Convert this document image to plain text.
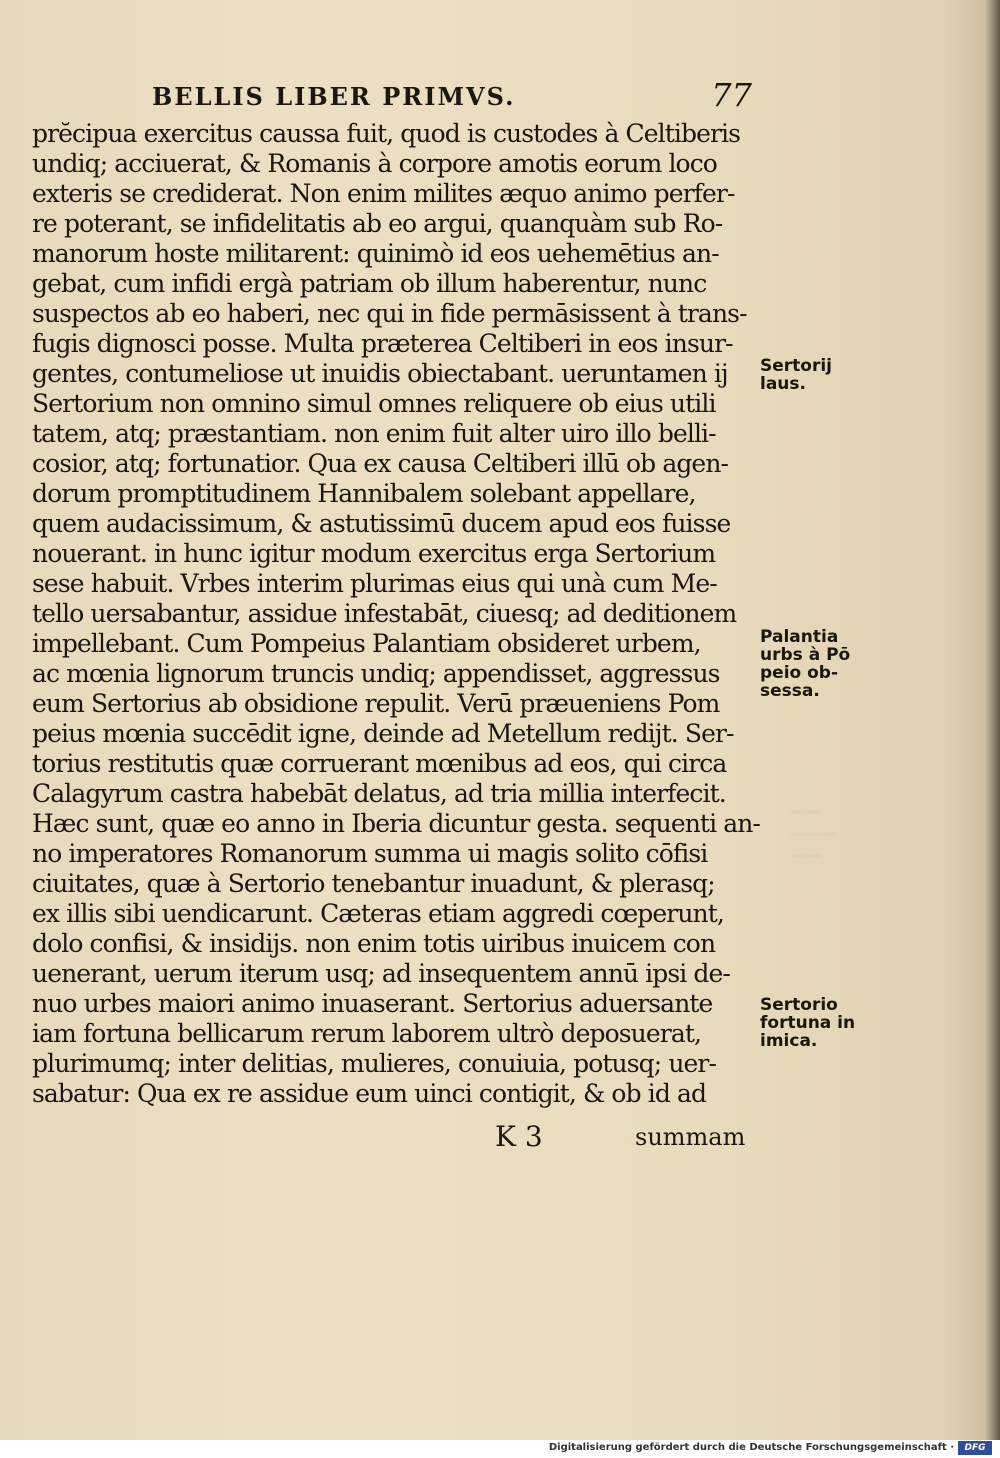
BELLIS LIBER PRIMVS.	77

prĕcipua exercitus caussa fuit, quod is custodes à Celtiberis

undiq; acciuerat, & Romanis à corpore amotis eorum loco

exteris se crediderat. Non enim milites æquo animo perfer-

re poterant, se infidelitatis ab eo argui, quanquàm sub Ro-

manorum hoste militarent: quinimò id eos uehemētius an-

gebat, cum infidi ergà patriam ob illum haberentur, nunc

suspectos ab eo haberi, nec qui in fide permāsissent à trans-

fugis dignosci posse. Multa præterea Celtiberi in eos insur-

gentes, contumeliose ut inuidis obiectabant. ueruntamen ij

Sertorium non omnino simul omnes reliquere ob eius utili

tatem, atq; præstantiam. non enim fuit alter uiro illo belli-

cosior, atq; fortunatior. Qua ex causa Celtiberi illū ob agen-

dorum promptitudinem Hannibalem solebant appellare,

quem audacissimum, & astutissimū ducem apud eos fuisse

nouerant. in hunc igitur modum exercitus erga Sertorium

sese habuit. Vrbes interim plurimas eius qui unà cum Me-

tello uersabantur, assidue infestabāt, ciuesq; ad deditionem

impellebant. Cum Pompeius Palantiam obsideret urbem,

ac mœnia lignorum truncis undiq; appendisset, aggressus

eum Sertorius ab obsidione repulit. Verū præueniens Pom

peius mœnia succēdit igne, deinde ad Metellum redijt. Ser-

torius restitutis quæ corruerant mœnibus ad eos, qui circa

Calagyrum castra habebāt delatus, ad tria millia interfecit.

Hæc sunt, quæ eo anno in Iberia dicuntur gesta. sequenti an-

no imperatores Romanorum summa ui magis solito cōfisi

ciuitates, quæ à Sertorio tenebantur inuadunt, & plerasq;

ex illis sibi uendicarunt. Cæteras etiam aggredi cœperunt,

dolo confisi, & insidijs. non enim totis uiribus inuicem con

uenerant, uerum iterum usq; ad insequentem annū ipsi de-

nuo urbes maiori animo inuaserant. Sertorius aduersante

iam fortuna bellicarum rerum laborem ultrò deposuerat,

plurimumq; inter delitias, mulieres, conuiuia, potusq; uer-

sabatur: Qua ex re assidue eum uinci contigit, & ob id ad

Sertorij
laus.
Palantia
urbs à Pō
peio ob-
sessa.
Sertorio
fortuna in
imica.
——
———
——
K 3	summam
Digitalisierung gefördert durch die Deutsche Forschungsgemeinschaft ·	DFG
